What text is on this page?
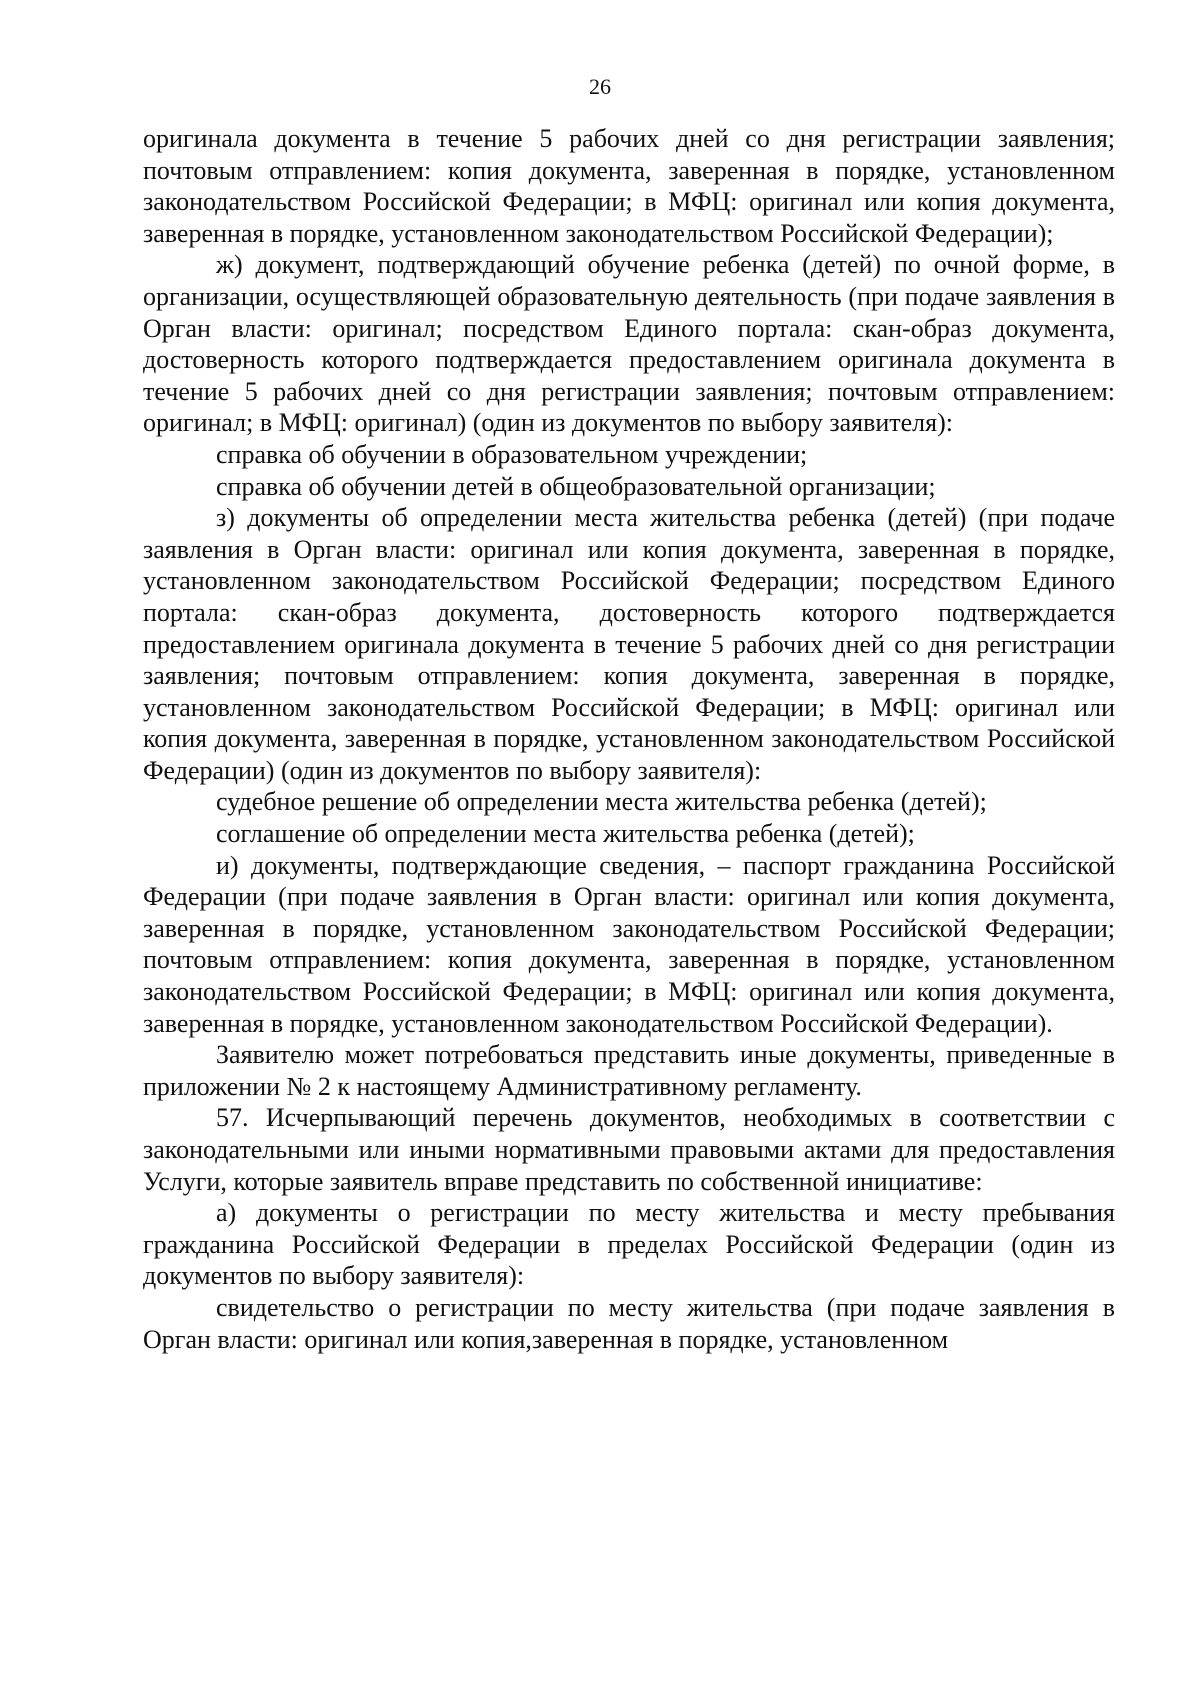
26

оригинала документа в течение 5 рабочих дней со дня регистрации заявления; почтовым отправлением: копия документа, заверенная в порядке, установленном законодательством Российской Федерации; в МФЦ: оригинал или копия документа, заверенная в порядке, установленном законодательством Российской Федерации);

ж) документ, подтверждающий обучение ребенка (детей) по очной форме, в организации, осуществляющей образовательную деятельность (при подаче заявления в Орган власти: оригинал; посредством Единого портала: скан-образ документа, достоверность которого подтверждается предоставлением оригинала документа в течение 5 рабочих дней со дня регистрации заявления; почтовым отправлением: оригинал; в МФЦ: оригинал) (один из документов по выбору заявителя):

справка об обучении в образовательном учреждении;

справка об обучении детей в общеобразовательной организации;

з) документы об определении места жительства ребенка (детей) (при подаче заявления в Орган власти: оригинал или копия документа, заверенная в порядке, установленном законодательством Российской Федерации; посредством Единого портала: скан-образ документа, достоверность которого подтверждается предоставлением оригинала документа в течение 5 рабочих дней со дня регистрации заявления; почтовым отправлением: копия документа, заверенная в порядке, установленном законодательством Российской Федерации; в МФЦ: оригинал или копия документа, заверенная в порядке, установленном законодательством Российской Федерации) (один из документов по выбору заявителя):

судебное решение об определении места жительства ребенка (детей);

соглашение об определении места жительства ребенка (детей);

и) документы, подтверждающие сведения, – паспорт гражданина Российской Федерации (при подаче заявления в Орган власти: оригинал или копия документа, заверенная в порядке, установленном законодательством Российской Федерации; почтовым отправлением: копия документа, заверенная в порядке, установленном законодательством Российской Федерации; в МФЦ: оригинал или копия документа, заверенная в порядке, установленном законодательством Российской Федерации).

Заявителю может потребоваться представить иные документы, приведенные в приложении № 2 к настоящему Административному регламенту.

57. Исчерпывающий перечень документов, необходимых в соответствии с законодательными или иными нормативными правовыми актами для предоставления Услуги, которые заявитель вправе представить по собственной инициативе:

а) документы о регистрации по месту жительства и месту пребывания гражданина Российской Федерации в пределах Российской Федерации (один из документов по выбору заявителя):

свидетельство о регистрации по месту жительства (при подаче заявления в Орган власти: оригинал или копия,заверенная в порядке, установленном
